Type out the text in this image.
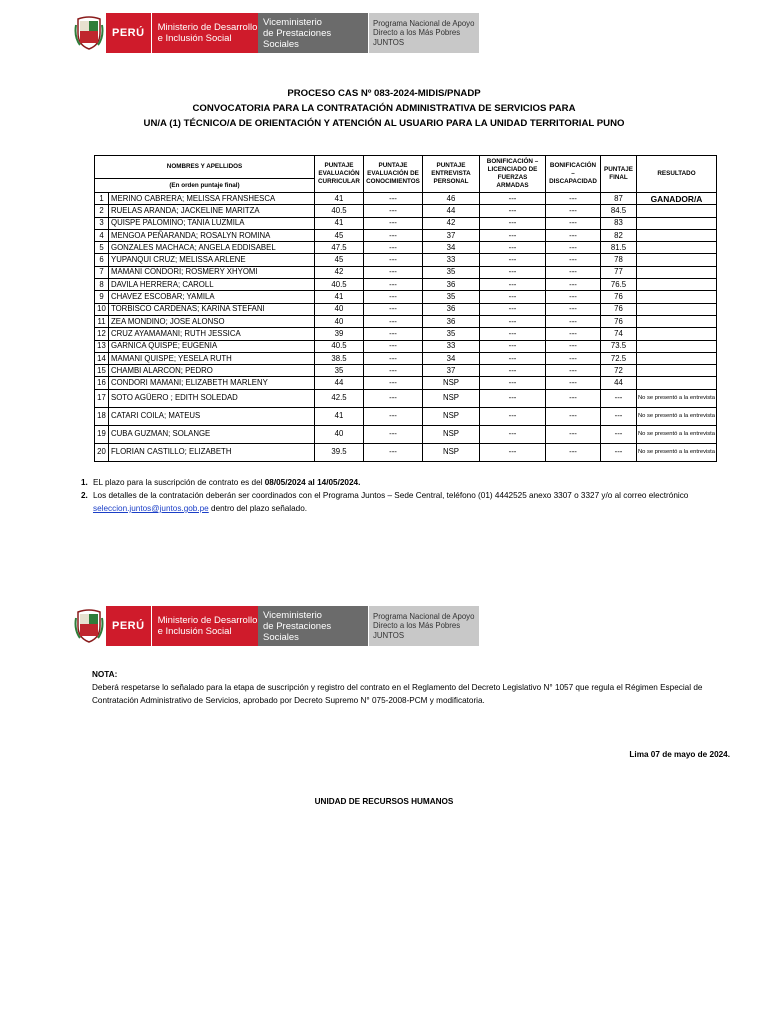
PERÚ	Ministerio de Desarrollo
e Inclusión Social
Viceministerio
de Prestaciones Sociales
Programa Nacional de Apoyo
Directo a los Más Pobres
JUNTOS
PROCESO CAS Nº 083-2024-MIDIS/PNADP
CONVOCATORIA PARA LA CONTRATACIÓN ADMINISTRATIVA DE SERVICIOS PARA
UN/A (1) TÉCNICO/A DE ORIENTACIÓN Y ATENCIÓN AL USUARIO PARA LA UNIDAD TERRITORIAL PUNO
NOMBRES Y APELLIDOS		PUNTAJE EVALUACIÓN CURRICULAR	PUNTAJE EVALUACIÓN DE CONOCIMIENTOS	PUNTAJE ENTREVISTA PERSONAL	BONIFICACIÓN – LICENCIADO DE FUERZAS ARMADAS	BONIFICACIÓN – DISCAPACIDAD	PUNTAJE FINAL	RESULTADO
(En orden puntaje final)								
1	MERINO CABRERA; MELISSA FRANSHESCA	41	---	46	---	---	87	GANADOR/A
2	RUELAS ARANDA; JACKELINE MARITZA	40.5	---	44	---	---	84.5	
3	QUISPE PALOMINO; TANIA LUZMILA	41	---	42	---	---	83	
4	MENGOA PEÑARANDA; ROSALYN ROMINA	45	---	37	---	---	82	
5	GONZALES MACHACA; ANGELA EDDISABEL	47.5	---	34	---	---	81.5	
6	YUPANQUI CRUZ; MELISSA ARLENE	45	---	33	---	---	78	
7	MAMANI CONDORI; ROSMERY XHYOMI	42	---	35	---	---	77	
8	DAVILA HERRERA; CAROLL	40.5	---	36	---	---	76.5	
9	CHAVEZ ESCOBAR; YAMILA	41	---	35	---	---	76	
10	TORBISCO CARDENAS; KARINA STEFANI	40	---	36	---	---	76	
11	ZEA MONDINO; JOSE ALONSO	40	---	36	---	---	76	
12	CRUZ AYAMAMANI; RUTH JESSICA	39	---	35	---	---	74	
13	GARNICA QUISPE; EUGENIA	40.5	---	33	---	---	73.5	
14	MAMANI QUISPE; YESELA RUTH	38.5	---	34	---	---	72.5	
15	CHAMBI ALARCON; PEDRO	35	---	37	---	---	72	
16	CONDORI MAMANI; ELIZABETH MARLENY	44	---	NSP	---	---	44	
17	SOTO AGÜERO ; EDITH SOLEDAD	42.5	---	NSP	---	---	---	No se presentó a la entrevista
18	CATARI COILA; MATEUS	41	---	NSP	---	---	---	No se presentó a la entrevista
19	CUBA GUZMAN; SOLANGE	40	---	NSP	---	---	---	No se presentó a la entrevista
20	FLORIAN CASTILLO; ELIZABETH	39.5	---	NSP	---	---	---	No se presentó a la entrevista
1. EL plazo para la suscripción de contrato es del 08/05/2024 al 14/05/2024.
2. Los detalles de la contratación deberán ser coordinados con el Programa Juntos – Sede Central, teléfono (01) 4442525 anexo 3307 o 3327 y/o al correo electrónico
seleccion.juntos@juntos.gob.pe dentro del plazo señalado.
PERÚ	Ministerio de Desarrollo
e Inclusión Social
Viceministerio
de Prestaciones Sociales
Programa Nacional de Apoyo
Directo a los Más Pobres
JUNTOS
NOTA:
Deberá respetarse lo señalado para la etapa de suscripción y registro del contrato en el Reglamento del Decreto Legislativo N° 1057 que regula el Régimen Especial de Contratación Administrativo de Servicios, aprobado por Decreto Supremo N° 075-2008-PCM y modificatoria.
Lima 07 de mayo de 2024.
UNIDAD DE RECURSOS HUMANOS
